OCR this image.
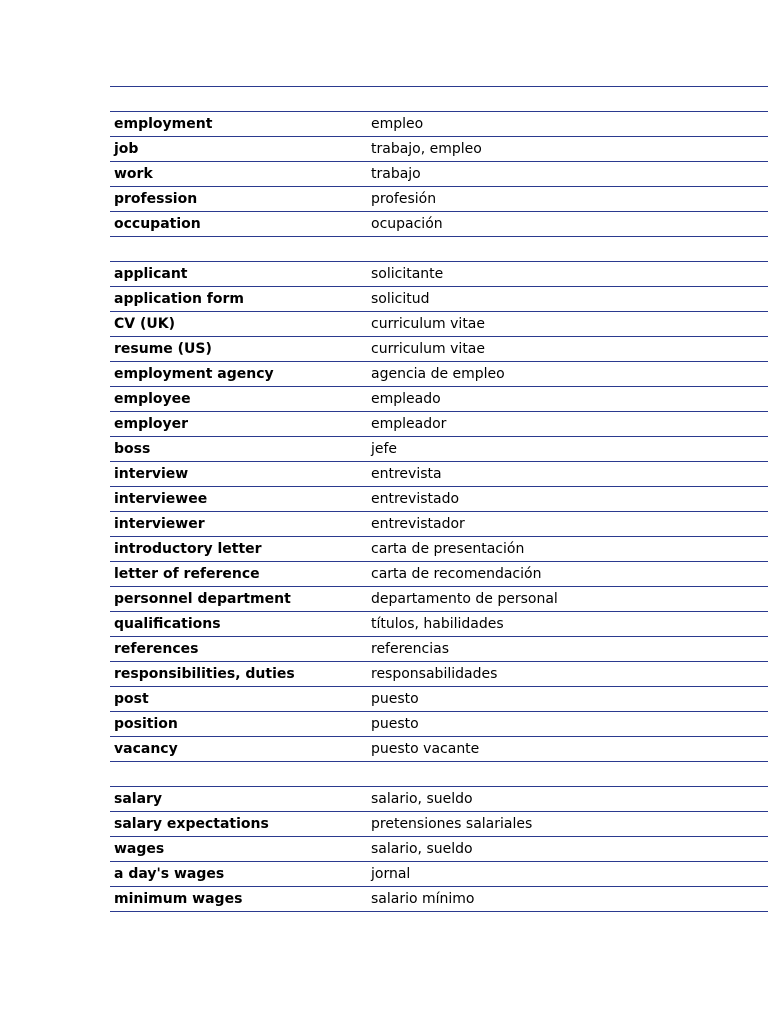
employment	empleo
job	trabajo, empleo
work	trabajo
profession	profesión
occupation	ocupación

applicant	solicitante
application form	solicitud
CV (UK)	curriculum vitae
resume (US)	curriculum vitae
employment agency	agencia de empleo
employee	empleado
employer	empleador
boss	jefe
interview	entrevista
interviewee	entrevistado
interviewer	entrevistador
introductory letter	carta de presentación
letter of reference	carta de recomendación
personnel department	departamento de personal
qualifications	títulos, habilidades
references	referencias
responsibilities, duties	responsabilidades
post	puesto
position	puesto
vacancy	puesto vacante

salary	salario, sueldo
salary expectations	pretensiones salariales
wages	salario, sueldo
a day's wages	jornal
minimum wages	salario mínimo
